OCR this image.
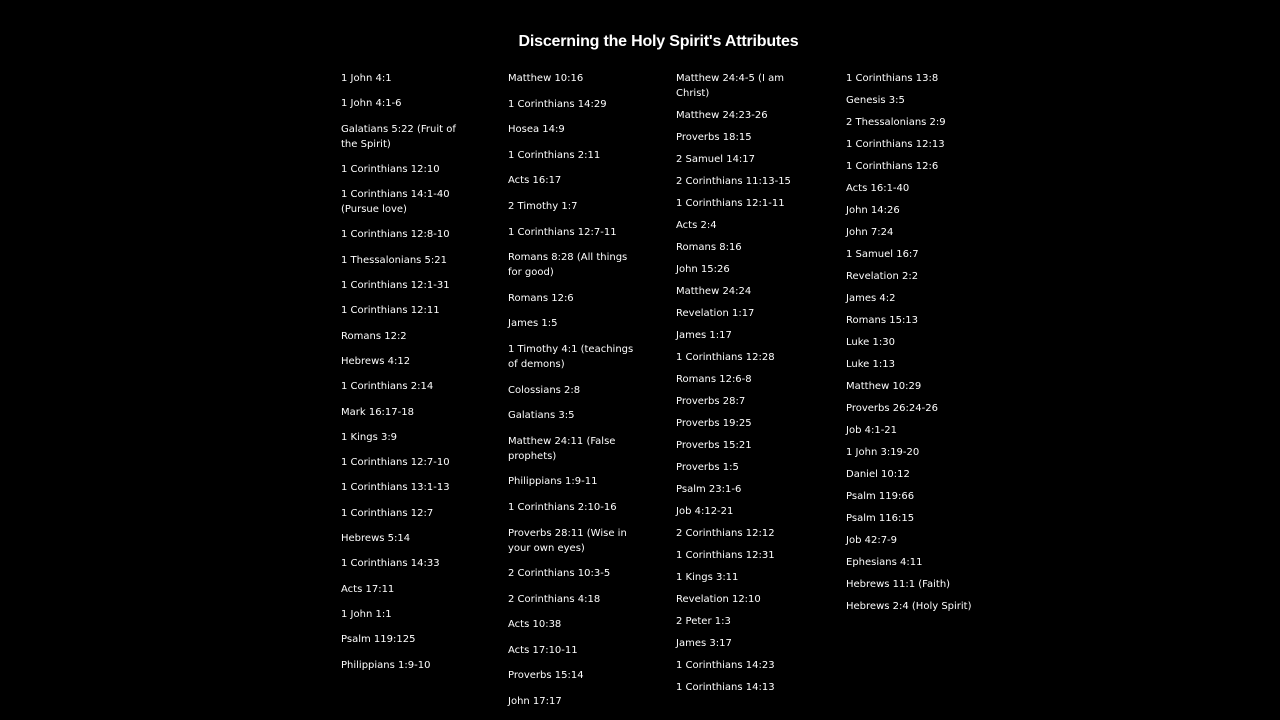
Discerning the Holy Spirit's Attributes
1 John 4:1
1 John 4:1-6
Galatians 5:22 (Fruit of the Spirit)
1 Corinthians 12:10
1 Corinthians 14:1-40 (Pursue love)
1 Corinthians 12:8-10
1 Thessalonians 5:21
1 Corinthians 12:1-31
1 Corinthians 12:11
Romans 12:2
Hebrews 4:12
1 Corinthians 2:14
Mark 16:17-18
1 Kings 3:9
1 Corinthians 12:7-10
1 Corinthians 13:1-13
1 Corinthians 12:7
Hebrews 5:14
1 Corinthians 14:33
Acts 17:11
1 John 1:1
Psalm 119:125
Philippians 1:9-10
Matthew 10:16
1 Corinthians 14:29
Hosea 14:9
1 Corinthians 2:11
Acts 16:17
2 Timothy 1:7
1 Corinthians 12:7-11
Romans 8:28 (All things for good)
Romans 12:6
James 1:5
1 Timothy 4:1 (teachings of demons)
Colossians 2:8
Galatians 3:5
Matthew 24:11 (False prophets)
Philippians 1:9-11
1 Corinthians 2:10-16
Proverbs 28:11 (Wise in your own eyes)
2 Corinthians 10:3-5
2 Corinthians 4:18
Acts 10:38
Acts 17:10-11
Proverbs 15:14
John 17:17
Matthew 24:4-5 (I am Christ)
Matthew 24:23-26
Proverbs 18:15
2 Samuel 14:17
2 Corinthians 11:13-15
1 Corinthians 12:1-11
Acts 2:4
Romans 8:16
John 15:26
Matthew 24:24
Revelation 1:17
James 1:17
1 Corinthians 12:28
Romans 12:6-8
Proverbs 28:7
Proverbs 19:25
Proverbs 15:21
Proverbs 1:5
Psalm 23:1-6
Job 4:12-21
2 Corinthians 12:12
1 Corinthians 12:31
1 Kings 3:11
Revelation 12:10
2 Peter 1:3
James 3:17
1 Corinthians 14:23
1 Corinthians 14:13
1 Corinthians 13:8
Genesis 3:5
2 Thessalonians 2:9
1 Corinthians 12:13
1 Corinthians 12:6
Acts 16:1-40
John 14:26
John 7:24
1 Samuel 16:7
Revelation 2:2
James 4:2
Romans 15:13
Luke 1:30
Luke 1:13
Matthew 10:29
Proverbs 26:24-26
Job 4:1-21
1 John 3:19-20
Daniel 10:12
Psalm 119:66
Psalm 116:15
Job 42:7-9
Ephesians 4:11
Hebrews 11:1 (Faith)
Hebrews 2:4 (Holy Spirit)
